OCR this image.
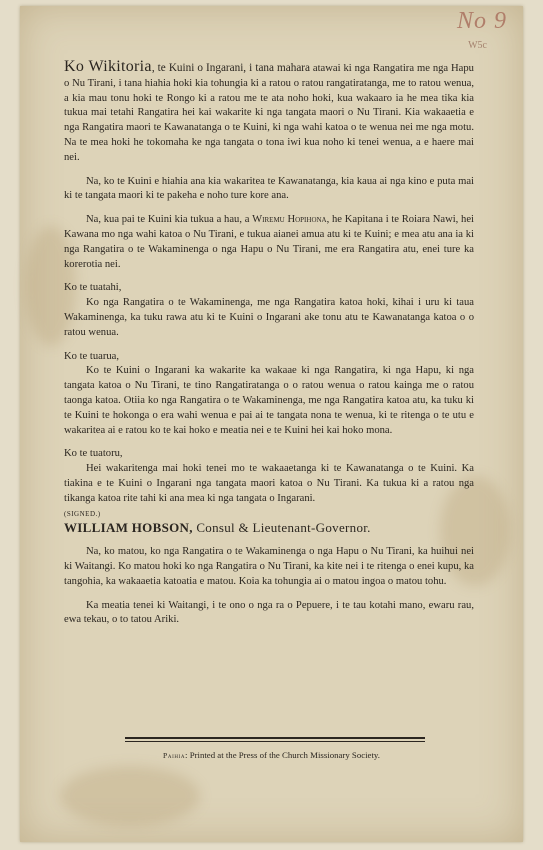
No 9
W5c

Ko Wikitoria, te Kuini o Ingarani, i tana mahara atawai ki nga Rangatira me nga Hapu o Nu Tirani, i tana hiahia hoki kia tohungia ki a ratou o ratou rangatiratanga, me to ratou wenua, a kia mau tonu hoki te Rongo ki a ratou me te ata noho hoki, kua wakaaro ia he mea tika kia tukua mai tetahi Rangatira hei kai wakarite ki nga tangata maori o Nu Tirani. Kia wakaaetia e nga Rangatira maori te Kawanatanga o te Kuini, ki nga wahi katoa o te wenua nei me nga motu. Na te mea hoki he tokomaha ke nga tangata o tona iwi kua noho ki tenei wenua, a e haere mai nei.

Na, ko te Kuini e hiahia ana kia wakaritea te Kawanatanga, kia kaua ai nga kino e puta mai ki te tangata maori ki te pakeha e noho ture kore ana.

Na, kua pai te Kuini kia tukua a hau, a Wiremu Hopihona, he Kapitana i te Roiara Nawi, hei Kawana mo nga wahi katoa o Nu Tirani, e tukua aianei amua atu ki te Kuini; e mea atu ana ia ki nga Rangatira o te Wakaminenga o nga Hapu o Nu Tirani, me era Rangatira atu, enei ture ka korerotia nei.

Ko te tuatahi,

Ko nga Rangatira o te Wakaminenga, me nga Rangatira katoa hoki, kihai i uru ki taua Wakaminenga, ka tuku rawa atu ki te Kuini o Ingarani ake tonu atu te Kawanatanga katoa o o ratou wenua.

Ko te tuarua,

Ko te Kuini o Ingarani ka wakarite ka wakaae ki nga Rangatira, ki nga Hapu, ki nga tangata katoa o Nu Tirani, te tino Rangatiratanga o o ratou wenua o ratou kainga me o ratou taonga katoa. Otiia ko nga Rangatira o te Wakaminenga, me nga Rangatira katoa atu, ka tuku ki te Kuini te hokonga o era wahi wenua e pai ai te tangata nona te wenua, ki te ritenga o te utu e wakaritea ai e ratou ko te kai hoko e meatia nei e te Kuini hei kai hoko mona.

Ko te tuatoru,

Hei wakaritenga mai hoki tenei mo te wakaaetanga ki te Kawanatanga o te Kuini. Ka tiakina e te Kuini o Ingarani nga tangata maori katoa o Nu Tirani. Ka tukua ki a ratou nga tikanga katoa rite tahi ki ana mea ki nga tangata o Ingarani.

(SIGNED.)

WILLIAM HOBSON, Consul & Lieutenant-Governor.

Na, ko matou, ko nga Rangatira o te Wakaminenga o nga Hapu o Nu Tirani, ka huihui nei ki Waitangi. Ko matou hoki ko nga Rangatira o Nu Tirani, ka kite nei i te ritenga o enei kupu, ka tangohia, ka wakaaetia katoatia e matou. Koia ka tohungia ai o matou ingoa o matou tohu.

Ka meatia tenei ki Waitangi, i te ono o nga ra o Pepuere, i te tau kotahi mano, ewaru rau, ewa tekau, o to tatou Ariki.

Paihia: Printed at the Press of the Church Missionary Society.
